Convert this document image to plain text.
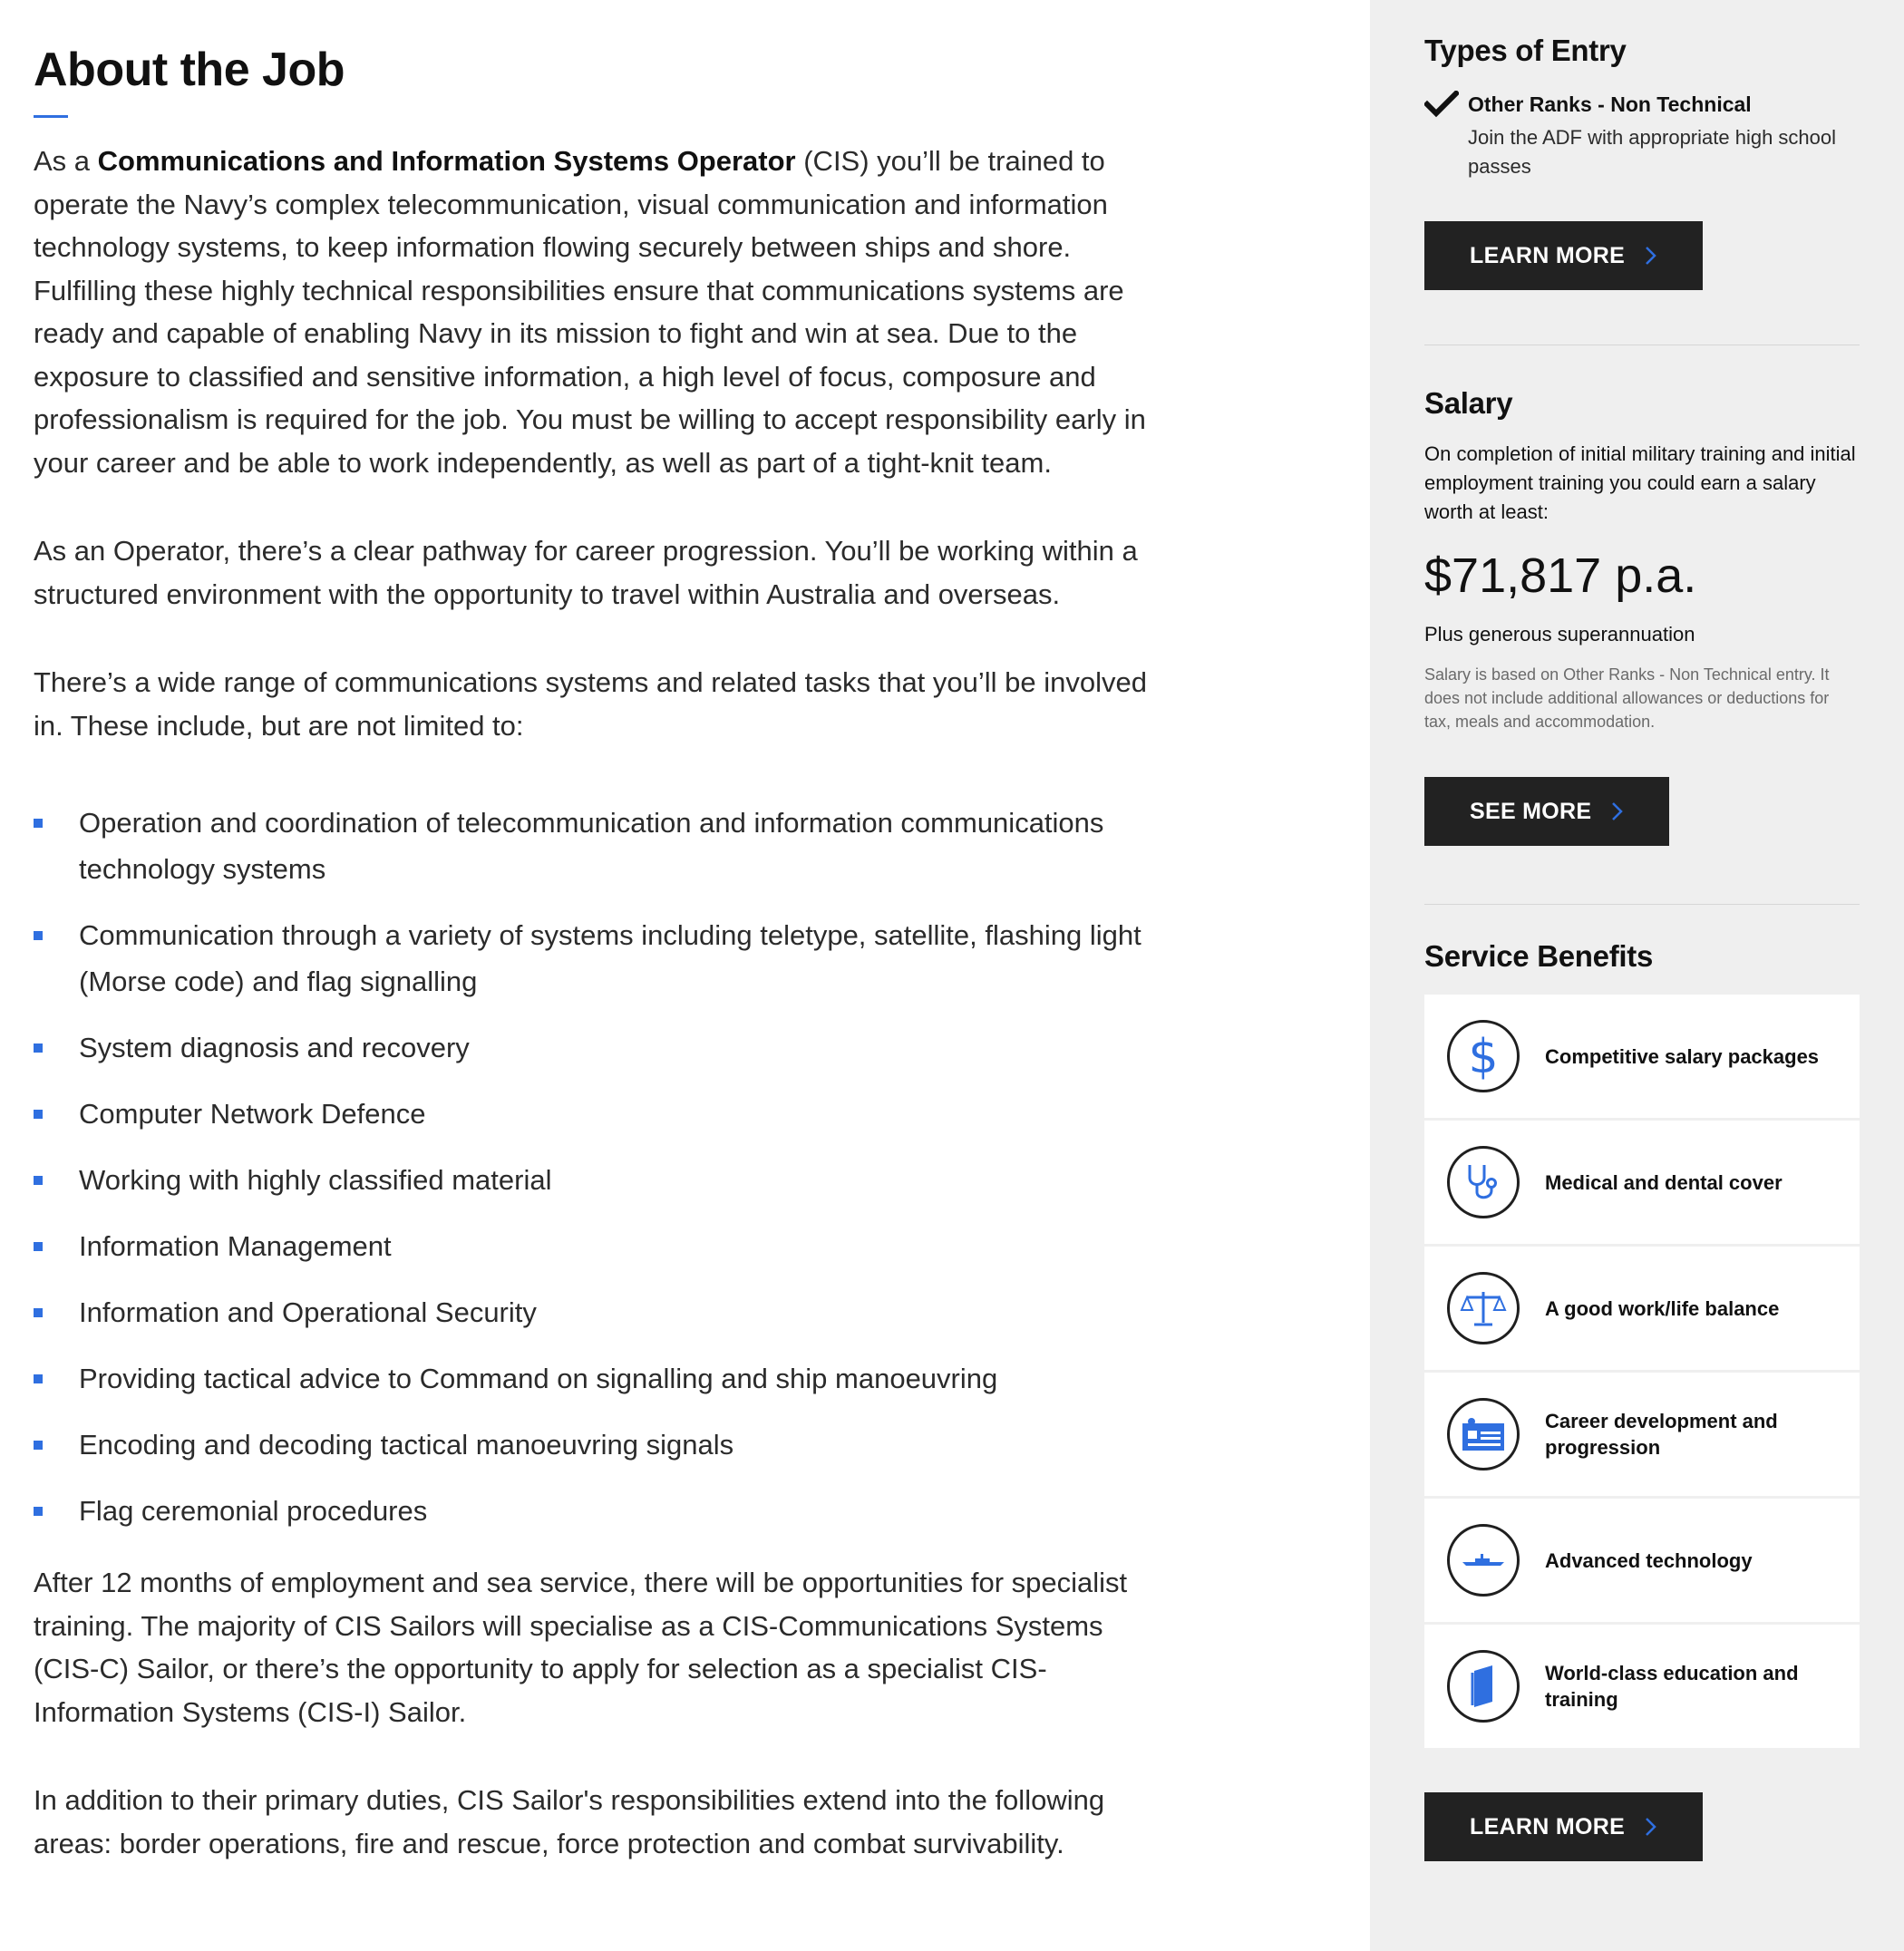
About the Job

As a Communications and Information Systems Operator (CIS) you’ll be trained to operate the Navy’s complex telecommunication, visual communication and information technology systems, to keep information flowing securely between ships and shore. Fulfilling these highly technical responsibilities ensure that communications systems are ready and capable of enabling Navy in its mission to fight and win at sea. Due to the exposure to classified and sensitive information, a high level of focus, composure and professionalism is required for the job. You must be willing to accept responsibility early in your career and be able to work independently, as well as part of a tight-knit team.

As an Operator, there’s a clear pathway for career progression. You’ll be working within a structured environment with the opportunity to travel within Australia and overseas.

There’s a wide range of communications systems and related tasks that you’ll be involved in. These include, but are not limited to:

Operation and coordination of telecommunication and information communications technology systems
Communication through a variety of systems including teletype, satellite, flashing light (Morse code) and flag signalling
System diagnosis and recovery
Computer Network Defence
Working with highly classified material
Information Management
Information and Operational Security
Providing tactical advice to Command on signalling and ship manoeuvring
Encoding and decoding tactical manoeuvring signals
Flag ceremonial procedures

After 12 months of employment and sea service, there will be opportunities for specialist training. The majority of CIS Sailors will specialise as a CIS-Communications Systems (CIS-C) Sailor, or there’s the opportunity to apply for selection as a specialist CIS-Information Systems (CIS-I) Sailor.

In addition to their primary duties, CIS Sailor's responsibilities extend into the following areas: border operations, fire and rescue, force protection and combat survivability.

Types of Entry
Other Ranks - Non Technical
Join the ADF with appropriate high school passes
LEARN MORE
Salary
On completion of initial military training and initial employment training you could earn a salary worth at least:
$71,817 p.a.
Plus generous superannuation
Salary is based on Other Ranks - Non Technical entry. It does not include additional allowances or deductions for tax, meals and accommodation.
SEE MORE
Service Benefits
$ Competitive salary packages
Medical and dental cover
A good work/life balance
Career development and progression
Advanced technology
World-class education and training
LEARN MORE
